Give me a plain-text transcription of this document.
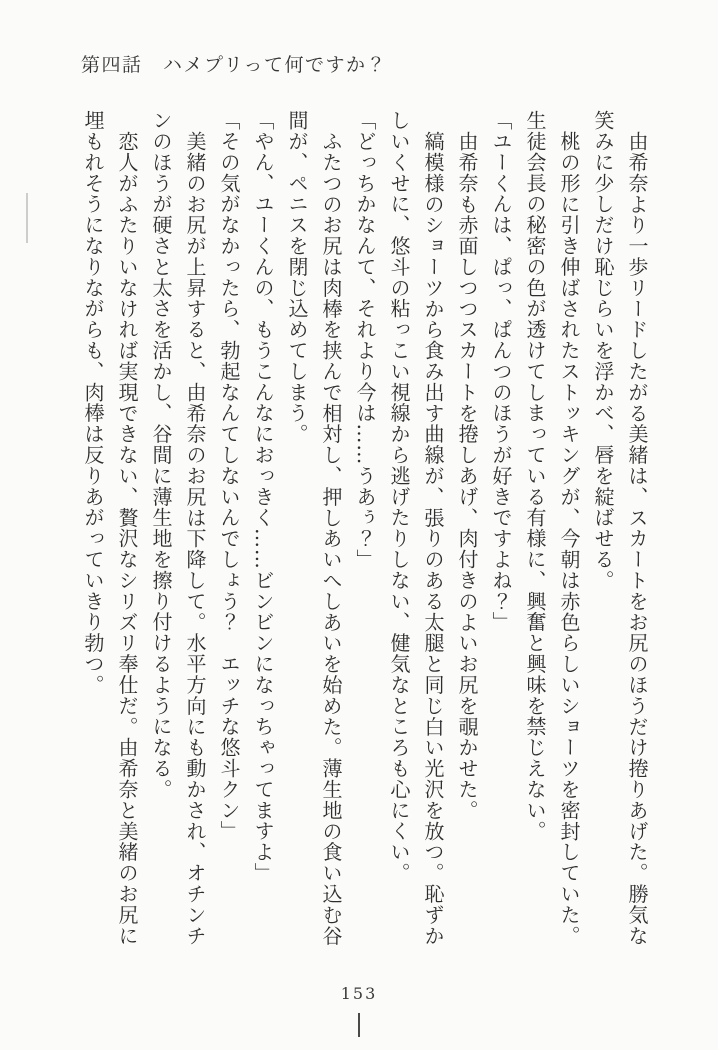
第四話　ハメプリって何ですか？
由希奈より一歩リードしたがる美緒は、スカートをお尻のほうだけ捲りあげた。勝気な
笑みに少しだけ恥じらいを浮かべ、唇を綻ばせる。
桃の形に引き伸ばされたストッキングが、今朝は赤色らしいショーツを密封していた。
生徒会長の秘密の色が透けてしまっている有様に、興奮と興味を禁じえない。
「ユーくんは、ぱっ、ぱんつのほうが好きですよね？」
由希奈も赤面しつつスカートを捲しあげ、肉付きのよいお尻を覗かせた。
縞模様のショーツから食み出す曲線が、張りのある太腿と同じ白い光沢を放つ。恥ずか
しいくせに、悠斗の粘っこい視線から逃げたりしない、健気なところも心にくい。
「どっちかなんて、それより今は……うあぅ？」
ふたつのお尻は肉棒を挟んで相対し、押しあいへしあいを始めた。薄生地の食い込む谷
間が、ペニスを閉じ込めてしまう。
「やん、ユーくんの、もうこんなにおっきく……ビンビンになっちゃってますよ」
「その気がなかったら、勃起なんてしないんでしょう？　エッチな悠斗クン」
美緒のお尻が上昇すると、由希奈のお尻は下降して。水平方向にも動かされ、オチンチ
ンのほうが硬さと太さを活かし、谷間に薄生地を擦り付けるようになる。
恋人がふたりいなければ実現できない、贅沢なシリズリ奉仕だ。由希奈と美緒のお尻に
埋もれそうになりながらも、肉棒は反りあがっていきり勃つ。
153
